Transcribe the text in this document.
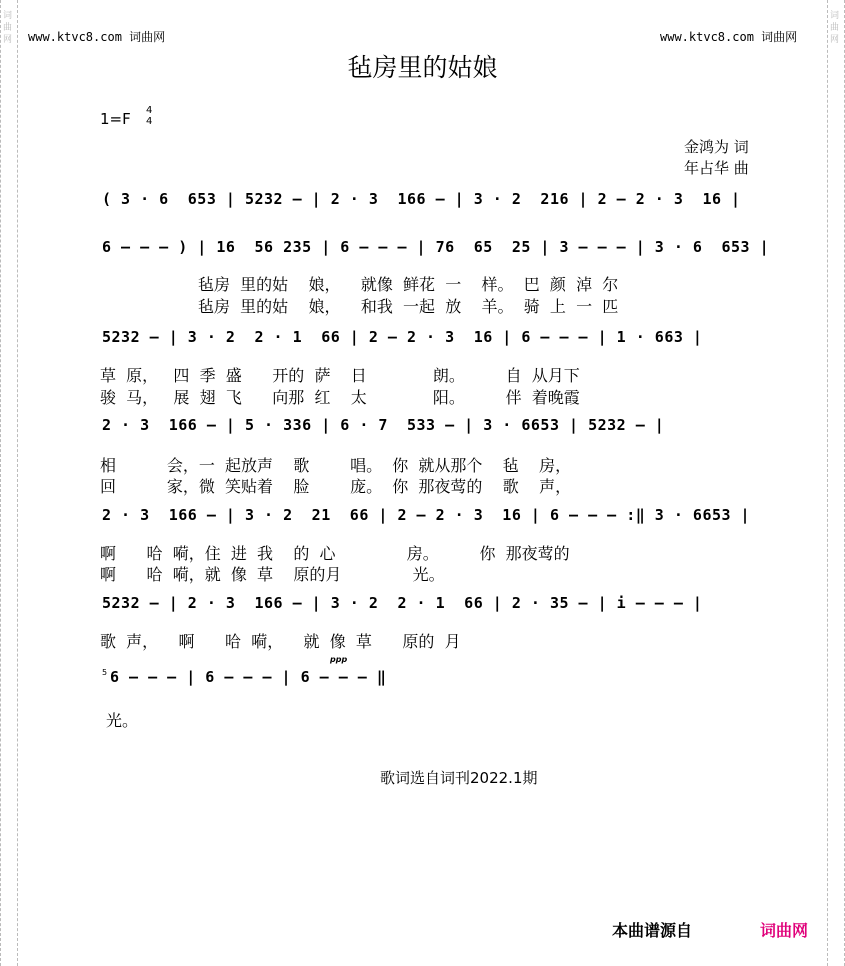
词
曲
网
词
曲
网
www.ktvc8.com 词曲网	www.ktvc8.com 词曲网
毡房里的姑娘
1=F 4
4
金鸿为 词
年占华 曲
( 3 · 6  653 | 5232 — | 2 · 3  166 — | 3 · 2  216 | 2 — 2 · 3  16 |
6 — — — ) | 16  56 235 | 6 — — — | 76  65  25 | 3 — — — | 3 · 6  653 |
毡房  里的姑    娘，    就像  鲜花  一    样。  巴  颜  淖  尔
毡房  里的姑    娘，    和我  一起  放    羊。  骑  上  一  匹
5232 — | 3 · 2  2 · 1  66 | 2 — 2 · 3  16 | 6 — — — | 1 · 663 |
草  原，   四  季  盛      开的  萨    日             朗。        自  从月下
骏  马，   展  翅  飞      向那  红    太             阳。        伴  着晚霞
2 · 3  166 — | 5 · 336 | 6 · 7  533 — | 3 · 6653 | 5232 — |
相          会，一  起放声    歌        唱。  你  就从那个    毡    房，
回          家，微  笑贴着    脸        庞。  你  那夜莺的    歌    声，
2 · 3  166 — | 3 · 2  21  66 | 2 — 2 · 3  16 | 6 — — — :‖ 3 · 6653 |
啊      哈  嗬，住  进  我    的  心              房。        你  那夜莺的
啊      哈  嗬，就  像  草    原的月              光。
5232 — | 2 · 3  166 — | 3 · 2  2 · 1  66 | 2 · 35 — | i — — — |
歌  声，    啊      哈  嗬，    就  像  草      原的  月
5 6 — — — | 6 — — — | 6 — — — ‖
ppp
光。
歌词选自词刊2022.1期
本曲谱源自	词曲网
